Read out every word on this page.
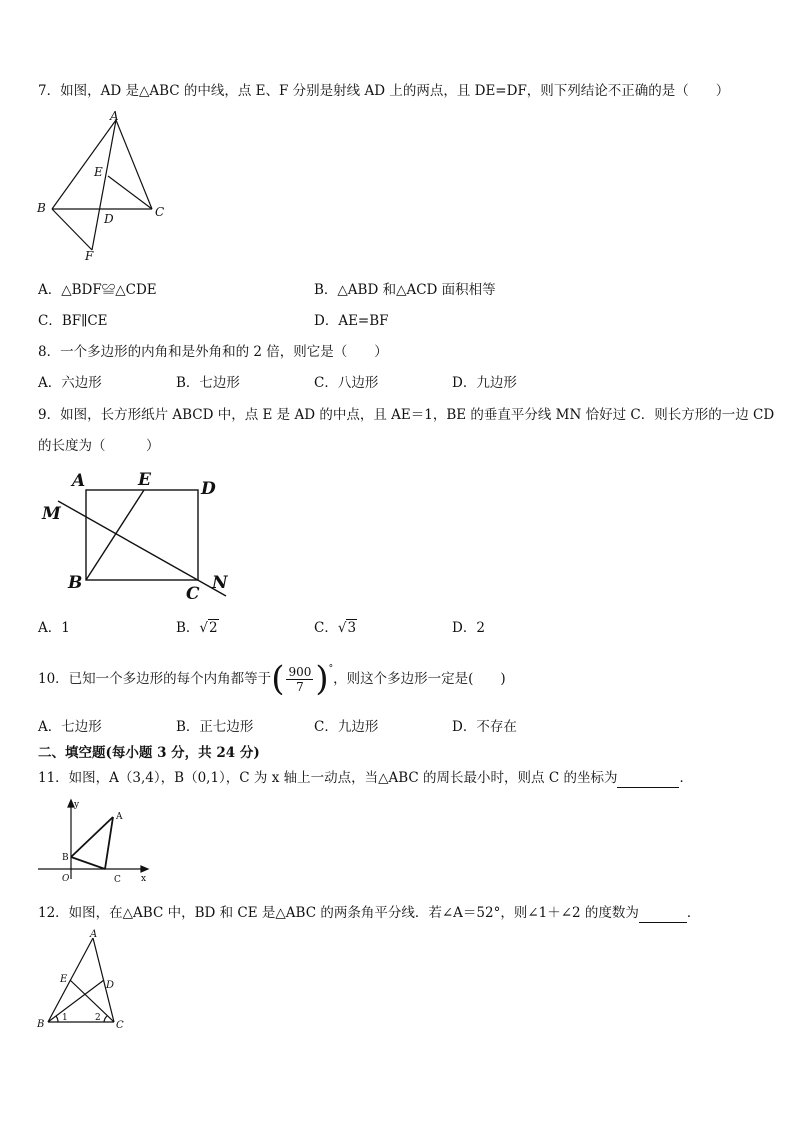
7．如图，AD 是△ABC 的中线，点 E、F 分别是射线 AD 上的两点，且 DE=DF，则下列结论不正确的是（　　）
A
E
B
D	C
F
A．△BDF≌△CDE	B．△ABD 和△ACD 面积相等
C．BF∥CE	D．AE=BF
8．一个多边形的内角和是外角和的 2 倍，则它是（　　）
A．六边形	B．七边形	C．八边形	D．九边形
9．如图，长方形纸片 ABCD 中，点 E 是 AD 的中点，且 AE＝1，BE 的垂直平分线 MN 恰好过 C．则长方形的一边 CD
的长度为（　　　）
A	E	D
M
B
C
N
A．1	B．√2	C．√3	D．2
10．已知一个多边形的每个内角都等于 ( $\frac{900}{7}$ ) °
，则这个多边形一定是(　　)
A．七边形	B．正七边形	C．九边形	D．不存在
二、填空题(每小题 3 分，共 24 分)
11．如图，A（3,4），B（0,1），C 为 x 轴上一动点，当△ABC 的周长最小时，则点 C 的坐标为	．
y
x
O
A
B
C
12．如图，在△ABC 中，BD 和 CE 是△ABC 的两条角平分线．若∠A＝52°，则∠1＋∠2 的度数为	．
A
E
D
B	C
1	2
